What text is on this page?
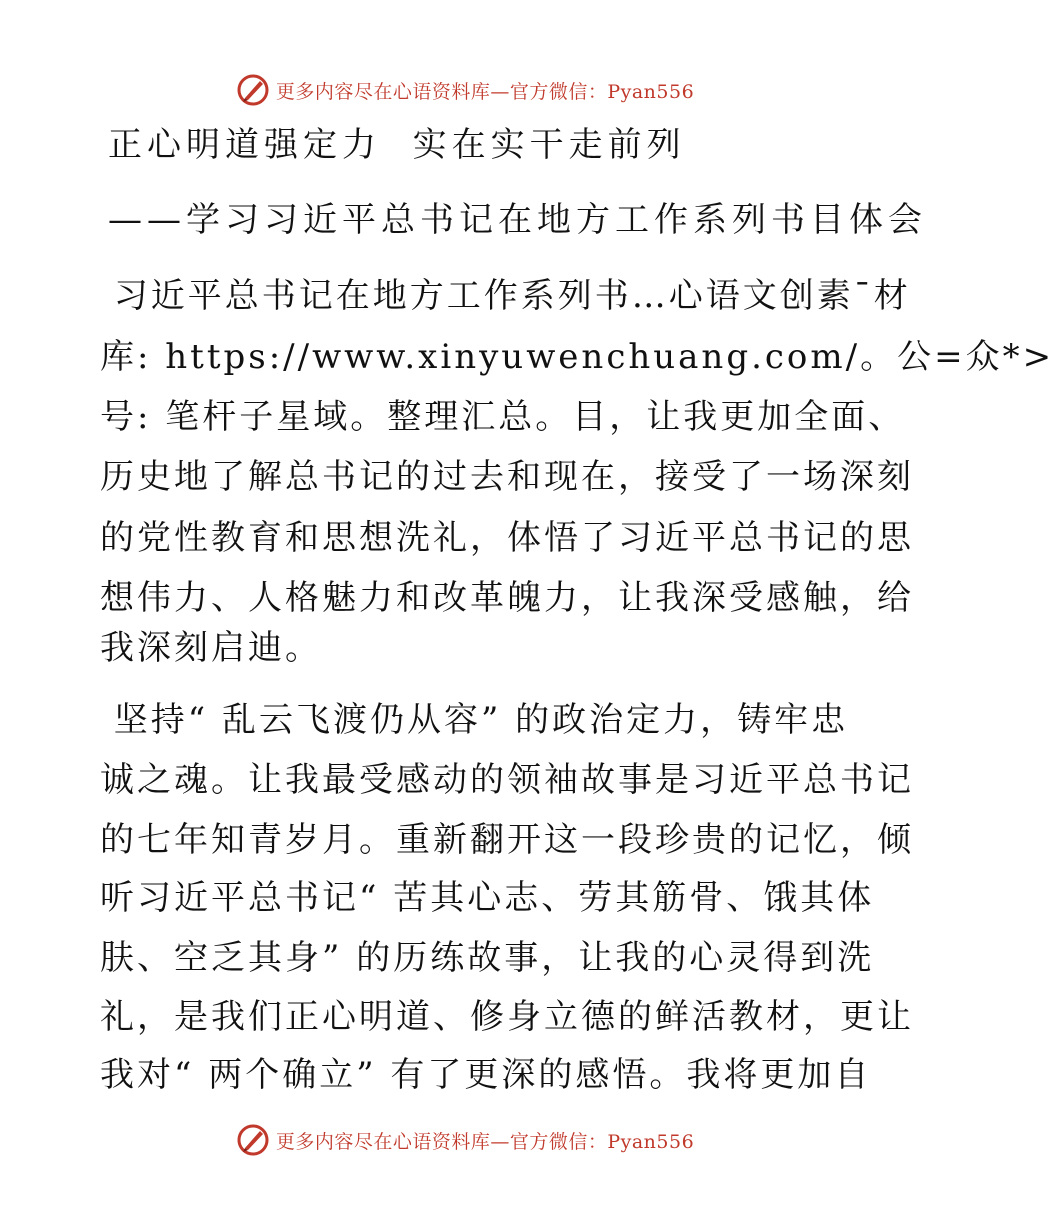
更多内容尽在心语资料库—官方微信：Pyan556
正心明道强定力  实在实干走前列
——学习习近平总书记在地方工作系列书目体会
习近平总书记在地方工作系列书…心语文创素¯材
库: https://www.xinyuwenchuang.com/。公=众*>
号: 笔杆子星域。整理汇总。目，让我更加全面、
历史地了解总书记的过去和现在，接受了一场深刻
的党性教育和思想洗礼，体悟了习近平总书记的思
想伟力、人格魅力和改革魄力，让我深受感触，给
我深刻启迪。
坚持“ 乱云飞渡仍从容” 的政治定力，铸牢忠
诚之魂。让我最受感动的领袖故事是习近平总书记
的七年知青岁月。重新翻开这一段珍贵的记忆，倾
听习近平总书记“ 苦其心志、劳其筋骨、饿其体
肤、空乏其身” 的历练故事，让我的心灵得到洗
礼，是我们正心明道、修身立德的鲜活教材，更让
我对“ 两个确立” 有了更深的感悟。我将更加自
更多内容尽在心语资料库—官方微信：Pyan556
